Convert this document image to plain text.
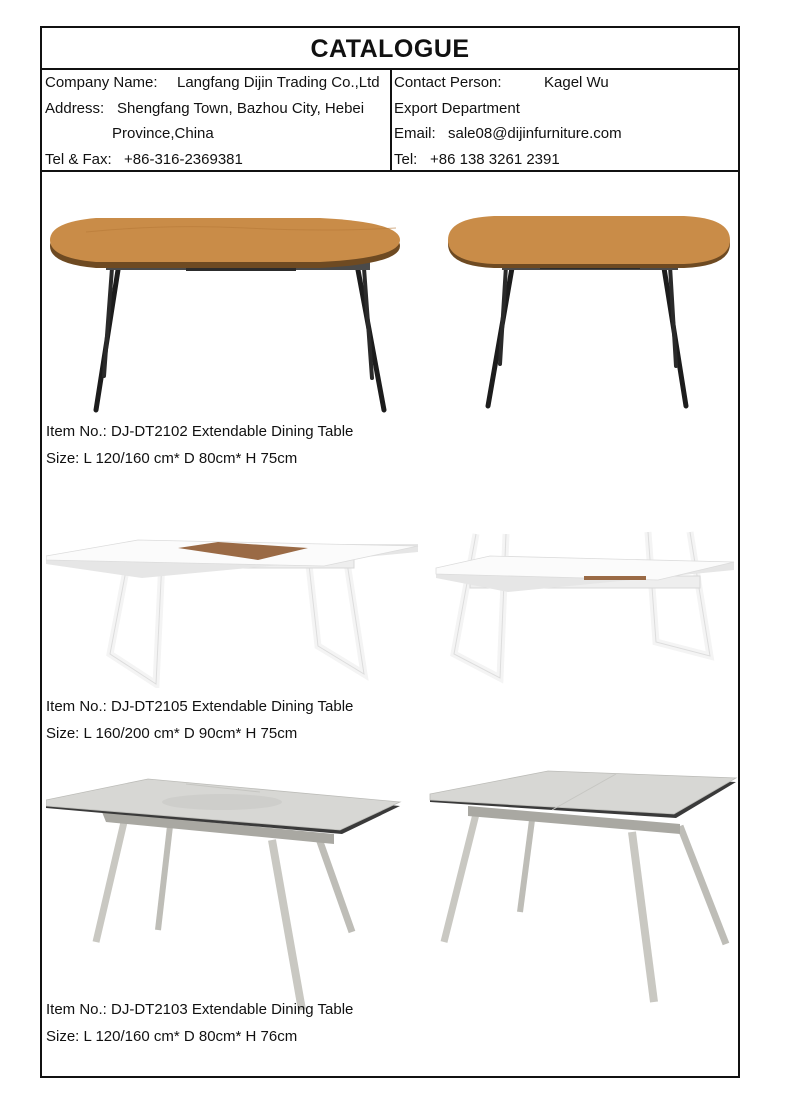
CATALOGUE
Company Name:	Langfang Dijin Trading Co.,Ltd
Address: Shengfang Town, Bazhou City, Hebei
Province,China
Tel & Fax: +86-316-2369381
Contact Person:	Kagel Wu
Export Department
Email: sale08@dijinfurniture.com
Tel: +86 138 3261 2391
Item No.: DJ-DT2102 Extendable Dining Table
Size: L 120/160 cm* D 80cm* H 75cm
Item No.: DJ-DT2105 Extendable Dining Table
Size: L 160/200 cm* D 90cm* H 75cm
Item No.: DJ-DT2103 Extendable Dining Table
Size: L 120/160 cm* D 80cm* H 76cm
